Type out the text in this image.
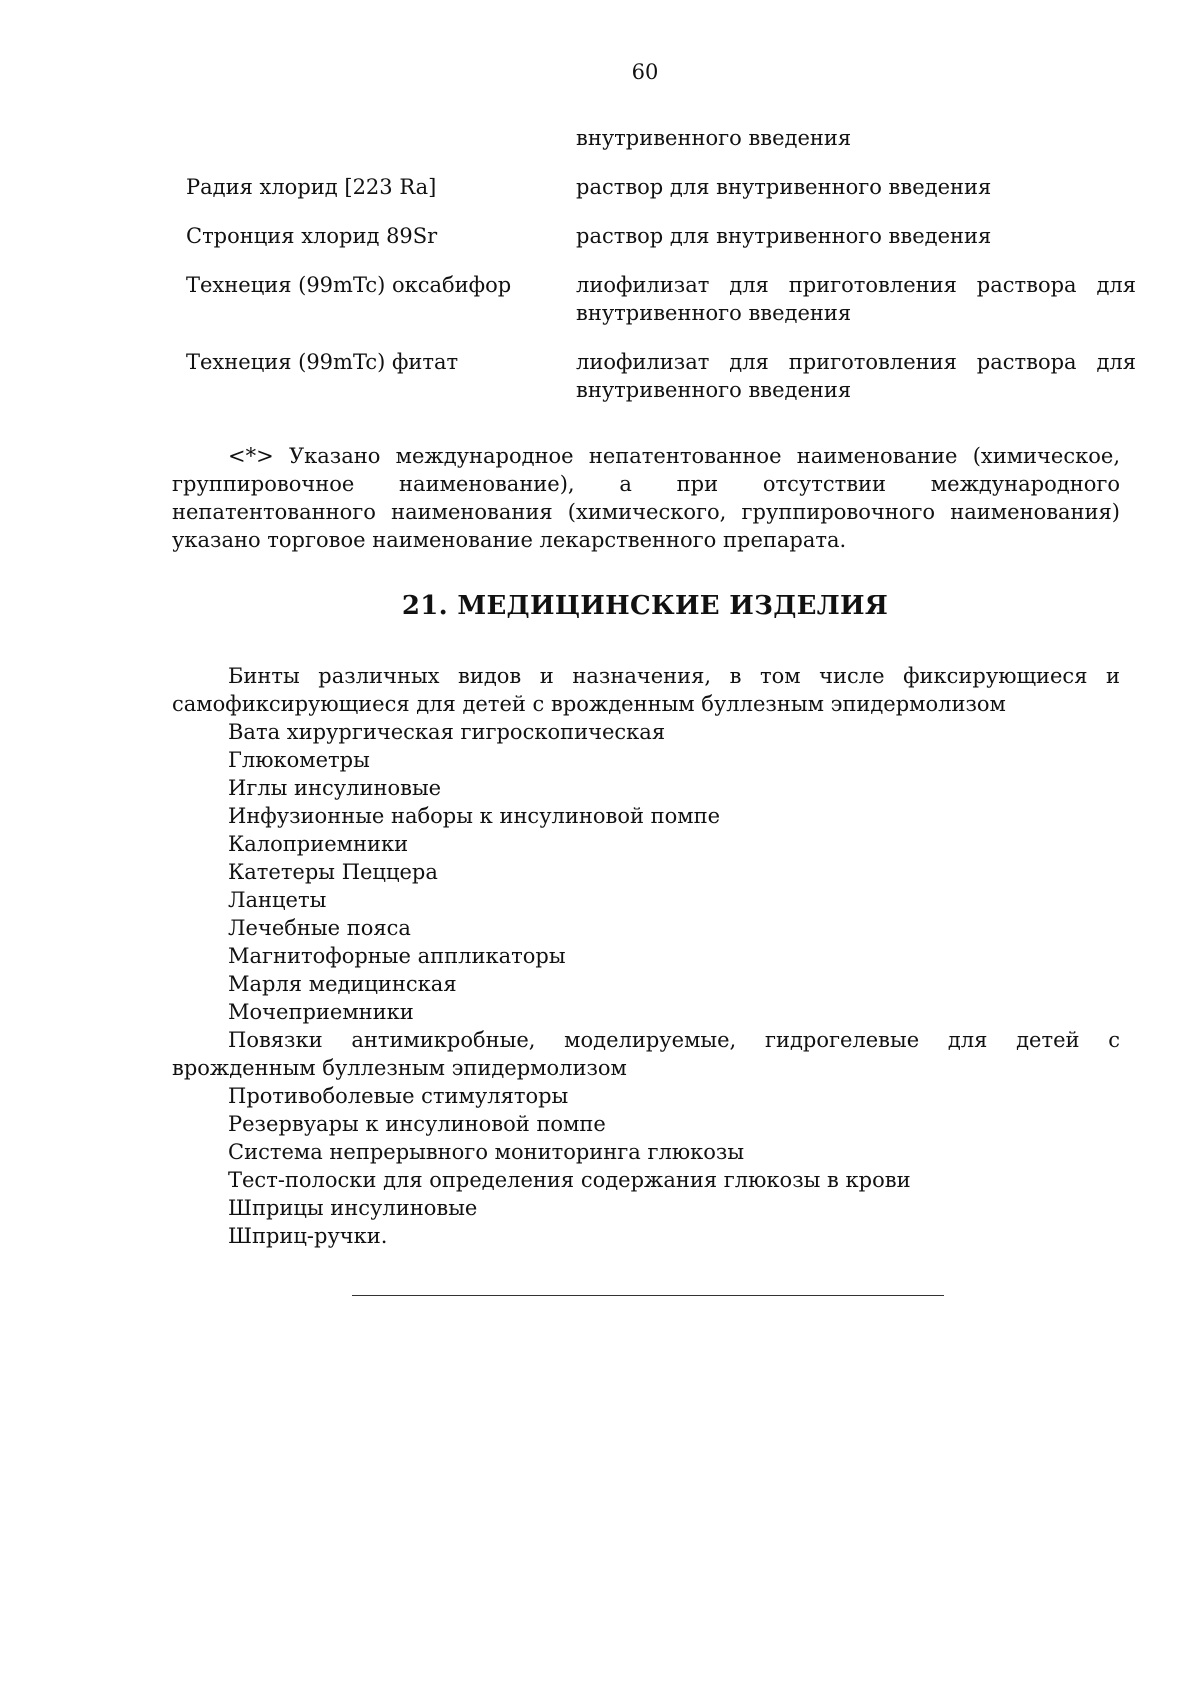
60
внутривенного введения
Радия хлорид [223 Ra]	раствор для внутривенного введения
Стронция хлорид 89Sr	раствор для внутривенного введения
Технеция (99mTc) оксабифор	лиофилизат для приготовления раствора для внутривенного введения
Технеция (99mTc) фитат	лиофилизат для приготовления раствора для внутривенного введения

<*> Указано международное непатентованное наименование (химическое, группировочное наименование), а при отсутствии международного непатентованного наименования (химического, группировочного наименования) указано торговое наименование лекарственного препарата.

21. МЕДИЦИНСКИЕ ИЗДЕЛИЯ
Бинты различных видов и назначения, в том числе фиксирующиеся и самофиксирующиеся для детей с врожденным буллезным эпидермолизом
Вата хирургическая гигроскопическая
Глюкометры
Иглы инсулиновые
Инфузионные наборы к инсулиновой помпе
Калоприемники
Катетеры Пеццера
Ланцеты
Лечебные пояса
Магнитофорные аппликаторы
Марля медицинская
Мочеприемники
Повязки антимикробные, моделируемые, гидрогелевые для детей с врожденным буллезным эпидермолизом
Противоболевые стимуляторы
Резервуары к инсулиновой помпе
Система непрерывного мониторинга глюкозы
Тест-полоски для определения содержания глюкозы в крови
Шприцы инсулиновые
Шприц-ручки.
